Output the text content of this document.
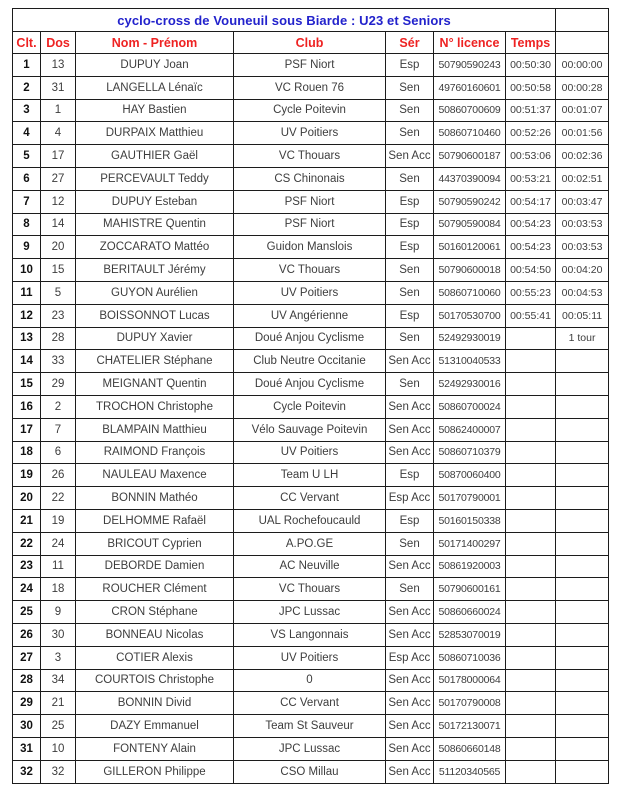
cyclo-cross de Vouneuil sous Biarde : U23 et Seniors							
Clt.	Dos	Nom - Prénom	Club	Sér	N° licence	Temps	
1	13	DUPUY Joan	PSF Niort	Esp	50790590243	00:50:30	00:00:00
2	31	LANGELLA Lénaïc	VC Rouen 76	Sen	49760160601	00:50:58	00:00:28
3	1	HAY Bastien	Cycle Poitevin	Sen	50860700609	00:51:37	00:01:07
4	4	DURPAIX Matthieu	UV Poitiers	Sen	50860710460	00:52:26	00:01:56
5	17	GAUTHIER Gaël	VC Thouars	Sen Acc	50790600187	00:53:06	00:02:36
6	27	PERCEVAULT Teddy	CS Chinonais	Sen	44370390094	00:53:21	00:02:51
7	12	DUPUY Esteban	PSF Niort	Esp	50790590242	00:54:17	00:03:47
8	14	MAHISTRE Quentin	PSF Niort	Esp	50790590084	00:54:23	00:03:53
9	20	ZOCCARATO Mattéo	Guidon Manslois	Esp	50160120061	00:54:23	00:03:53
10	15	BERITAULT Jérémy	VC Thouars	Sen	50790600018	00:54:50	00:04:20
11	5	GUYON Aurélien	UV Poitiers	Sen	50860710060	00:55:23	00:04:53
12	23	BOISSONNOT Lucas	UV Angérienne	Esp	50170530700	00:55:41	00:05:11
13	28	DUPUY Xavier	Doué Anjou Cyclisme	Sen	52492930019		1 tour
14	33	CHATELIER Stéphane	Club Neutre Occitanie	Sen Acc	51310040533		
15	29	MEIGNANT Quentin	Doué Anjou Cyclisme	Sen	52492930016		
16	2	TROCHON Christophe	Cycle Poitevin	Sen Acc	50860700024		
17	7	BLAMPAIN Matthieu	Vélo Sauvage Poitevin	Sen Acc	50862400007		
18	6	RAIMOND François	UV Poitiers	Sen Acc	50860710379		
19	26	NAULEAU Maxence	Team U LH	Esp	50870060400		
20	22	BONNIN Mathéo	CC Vervant	Esp Acc	50170790001		
21	19	DELHOMME Rafaël	UAL Rochefoucauld	Esp	50160150338		
22	24	BRICOUT Cyprien	A.PO.GE	Sen	50171400297		
23	11	DEBORDE Damien	AC Neuville	Sen Acc	50861920003		
24	18	ROUCHER Clément	VC Thouars	Sen	50790600161		
25	9	CRON Stéphane	JPC Lussac	Sen Acc	50860660024		
26	30	BONNEAU Nicolas	VS Langonnais	Sen Acc	52853070019		
27	3	COTIER Alexis	UV Poitiers	Esp Acc	50860710036		
28	34	COURTOIS Christophe	0	Sen Acc	50178000064		
29	21	BONNIN Divid	CC Vervant	Sen Acc	50170790008		
30	25	DAZY Emmanuel	Team St Sauveur	Sen Acc	50172130071		
31	10	FONTENY Alain	JPC Lussac	Sen Acc	50860660148		
32	32	GILLERON Philippe	CSO Millau	Sen Acc	51120340565		
